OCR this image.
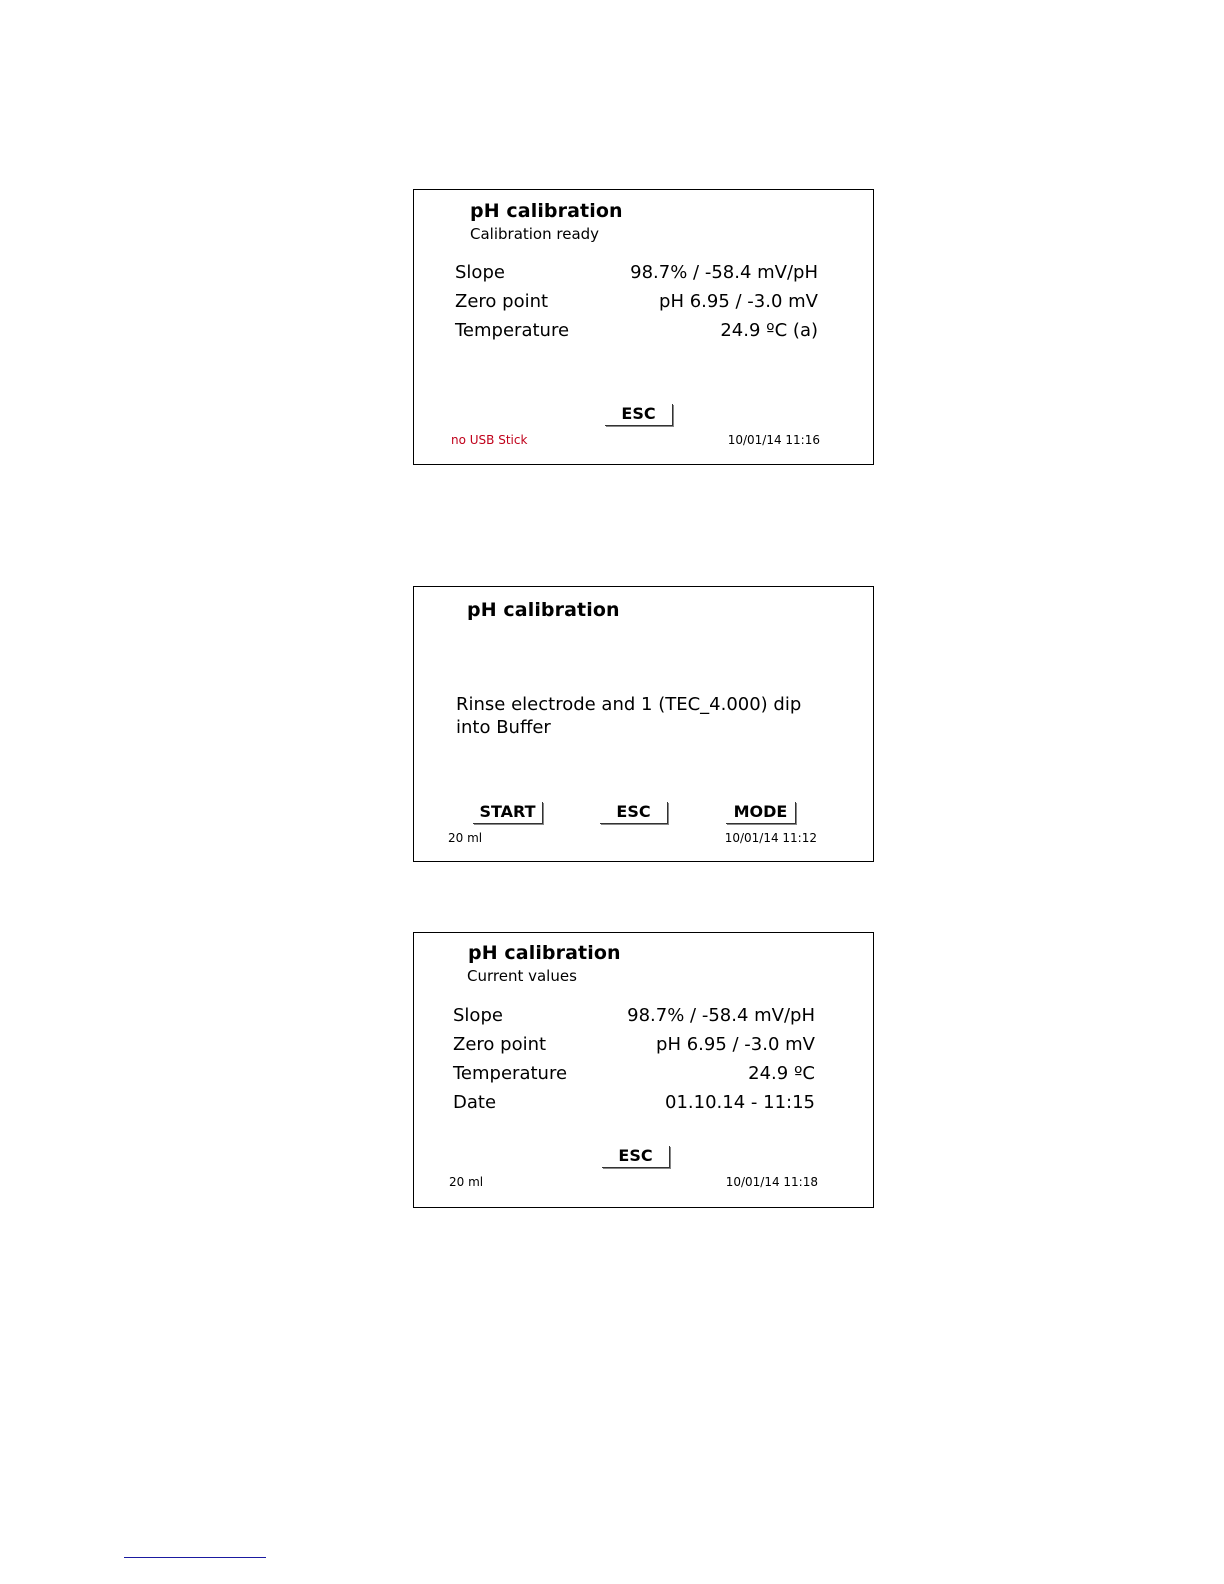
pH calibration
Calibration ready
Slope	98.7% / -58.4 mV/pH
Zero point	pH 6.95 / -3.0 mV
Temperature	24.9 ºC (a)
ESC
no USB Stick	10/01/14 11:16
pH calibration
Rinse electrode and 1 (TEC_4.000) dip
into Buffer
START	ESC	MODE
20 ml	10/01/14 11:12
pH calibration
Current values
Slope	98.7% / -58.4 mV/pH
Zero point	pH 6.95 / -3.0 mV
Temperature	24.9 ºC
Date	01.10.14 - 11:15
ESC
20 ml	10/01/14 11:18
